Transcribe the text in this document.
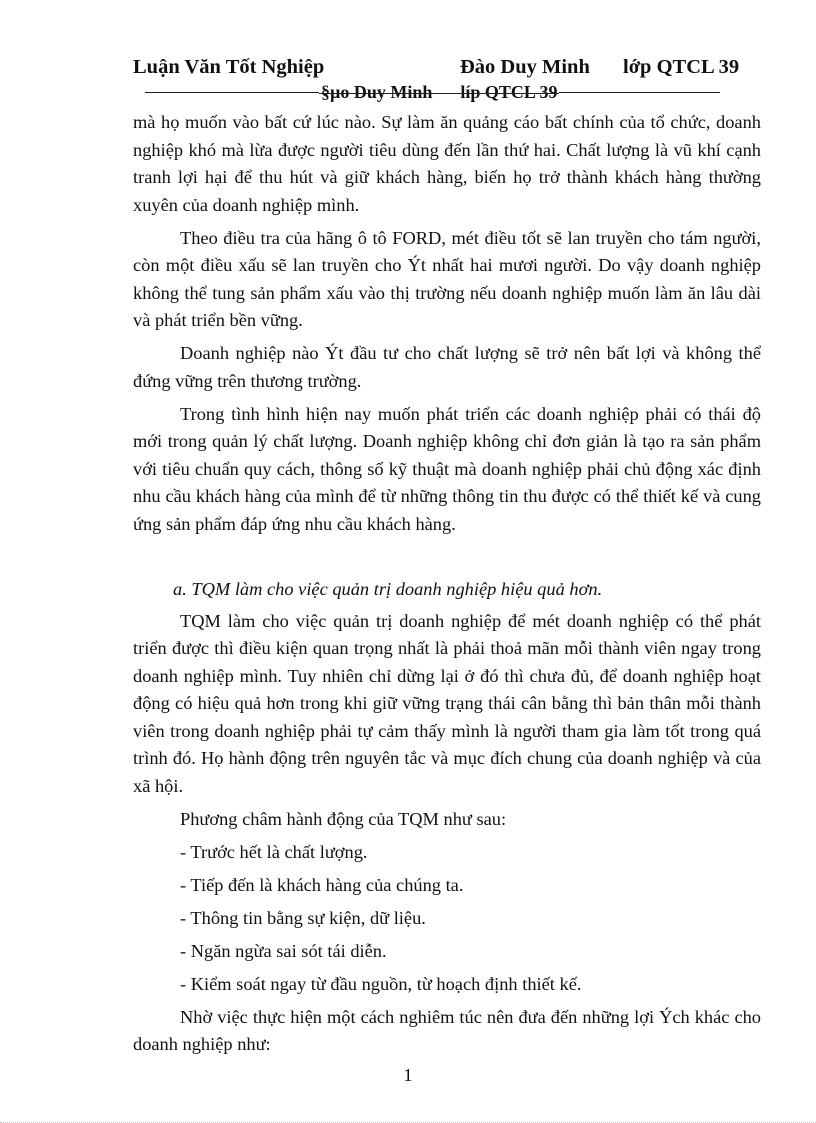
Luận Văn Tốt Nghiệp	Đào Duy Minh lớp QTCL 39
§µo Duy Minh líp QTCL 39

mà họ muốn vào bất cứ lúc nào. Sự làm ăn quảng cáo bất chính của tổ chức, doanh nghiệp khó mà lừa được người tiêu dùng đến lần thứ hai. Chất lượng là vũ khí cạnh tranh lợi hại để thu hút và giữ khách hàng, biến họ trở thành khách hàng thường xuyên của doanh nghiệp mình.

Theo điều tra của hãng ô tô FORD, mét điều tốt sẽ lan truyền cho tám người, còn một điều xấu sẽ lan truyền cho Ýt nhất hai mươi người. Do vậy doanh nghiệp không thể tung sản phẩm xấu vào thị trường nếu doanh nghiệp muốn làm ăn lâu dài và phát triển bền vững.

Doanh nghiệp nào Ýt đầu tư cho chất lượng sẽ trở nên bất lợi và không thể đứng vững trên thương trường.

Trong tình hình hiện nay muốn phát triển các doanh nghiệp phải có thái độ mới trong quản lý chất lượng. Doanh nghiệp không chỉ đơn giản là tạo ra sản phẩm với tiêu chuẩn quy cách, thông số kỹ thuật mà doanh nghiệp phải chủ động xác định nhu cầu khách hàng của mình để từ những thông tin thu được có thể thiết kế và cung ứng sản phẩm đáp ứng nhu cầu khách hàng.

a. TQM làm cho việc quản trị doanh nghiệp hiệu quả hơn.

TQM làm cho việc quản trị doanh nghiệp để mét doanh nghiệp có thể phát triển được thì điều kiện quan trọng nhất là phải thoả mãn mỗi thành viên ngay trong doanh nghiệp mình. Tuy nhiên chỉ dừng lại ở đó thì chưa đủ, để doanh nghiệp hoạt động có hiệu quả hơn trong khi giữ vững trạng thái cân bằng thì bản thân mỗi thành viên trong doanh nghiệp phải tự cảm thấy mình là người tham gia làm tốt trong quá trình đó. Họ hành động trên nguyên tắc và mục đích chung của doanh nghiệp và của xã hội.

Phương châm hành động của TQM như sau:

- Trước hết là chất lượng.

- Tiếp đến là khách hàng của chúng ta.

- Thông tin bằng sự kiện, dữ liệu.

- Ngăn ngừa sai sót tái diễn.

- Kiểm soát ngay từ đầu nguồn, từ hoạch định thiết kế.

Nhờ việc thực hiện một cách nghiêm túc nên đưa đến những lợi Ých khác cho doanh nghiệp như:

1
